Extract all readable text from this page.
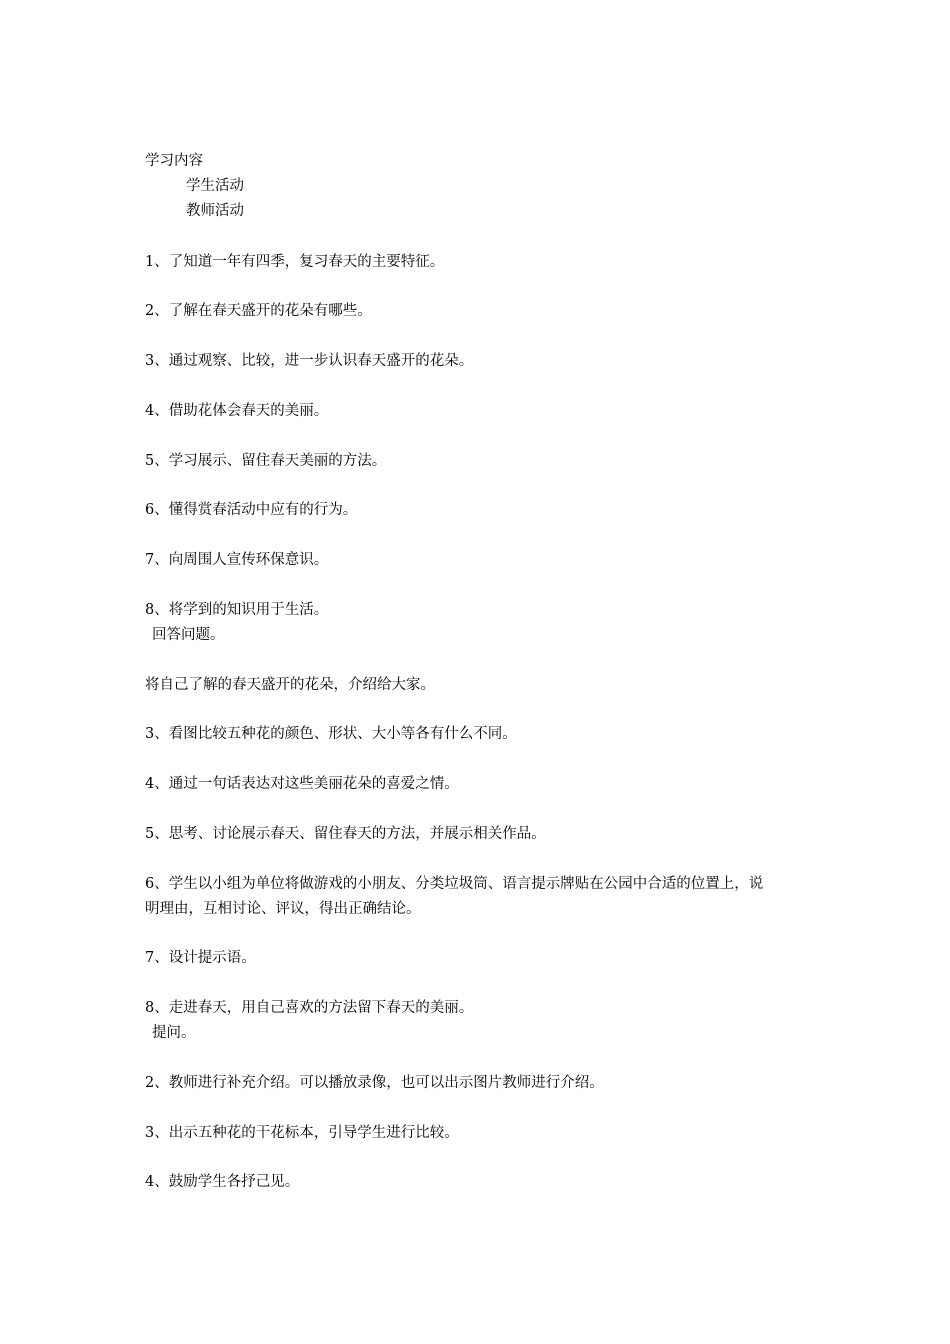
学习内容
学生活动
教师活动
1、了知道一年有四季，复习春天的主要特征。
2、了解在春天盛开的花朵有哪些。
3、通过观察、比较，进一步认识春天盛开的花朵。
4、借助花体会春天的美丽。
5、学习展示、留住春天美丽的方法。
6、懂得赏春活动中应有的行为。
7、向周围人宣传环保意识。
8、将学到的知识用于生活。
回答问题。
将自己了解的春天盛开的花朵，介绍给大家。
3、看图比较五种花的颜色、形状、大小等各有什么不同。
4、通过一句话表达对这些美丽花朵的喜爱之情。
5、思考、讨论展示春天、留住春天的方法，并展示相关作品。
6、学生以小组为单位将做游戏的小朋友、分类垃圾筒、语言提示牌贴在公园中合适的位置上，说
明理由，互相讨论、评议，得出正确结论。
7、设计提示语。
8、走进春天，用自己喜欢的方法留下春天的美丽。
提问。
2、教师进行补充介绍。可以播放录像，也可以出示图片教师进行介绍。
3、出示五种花的干花标本，引导学生进行比较。
4、鼓励学生各抒己见。
